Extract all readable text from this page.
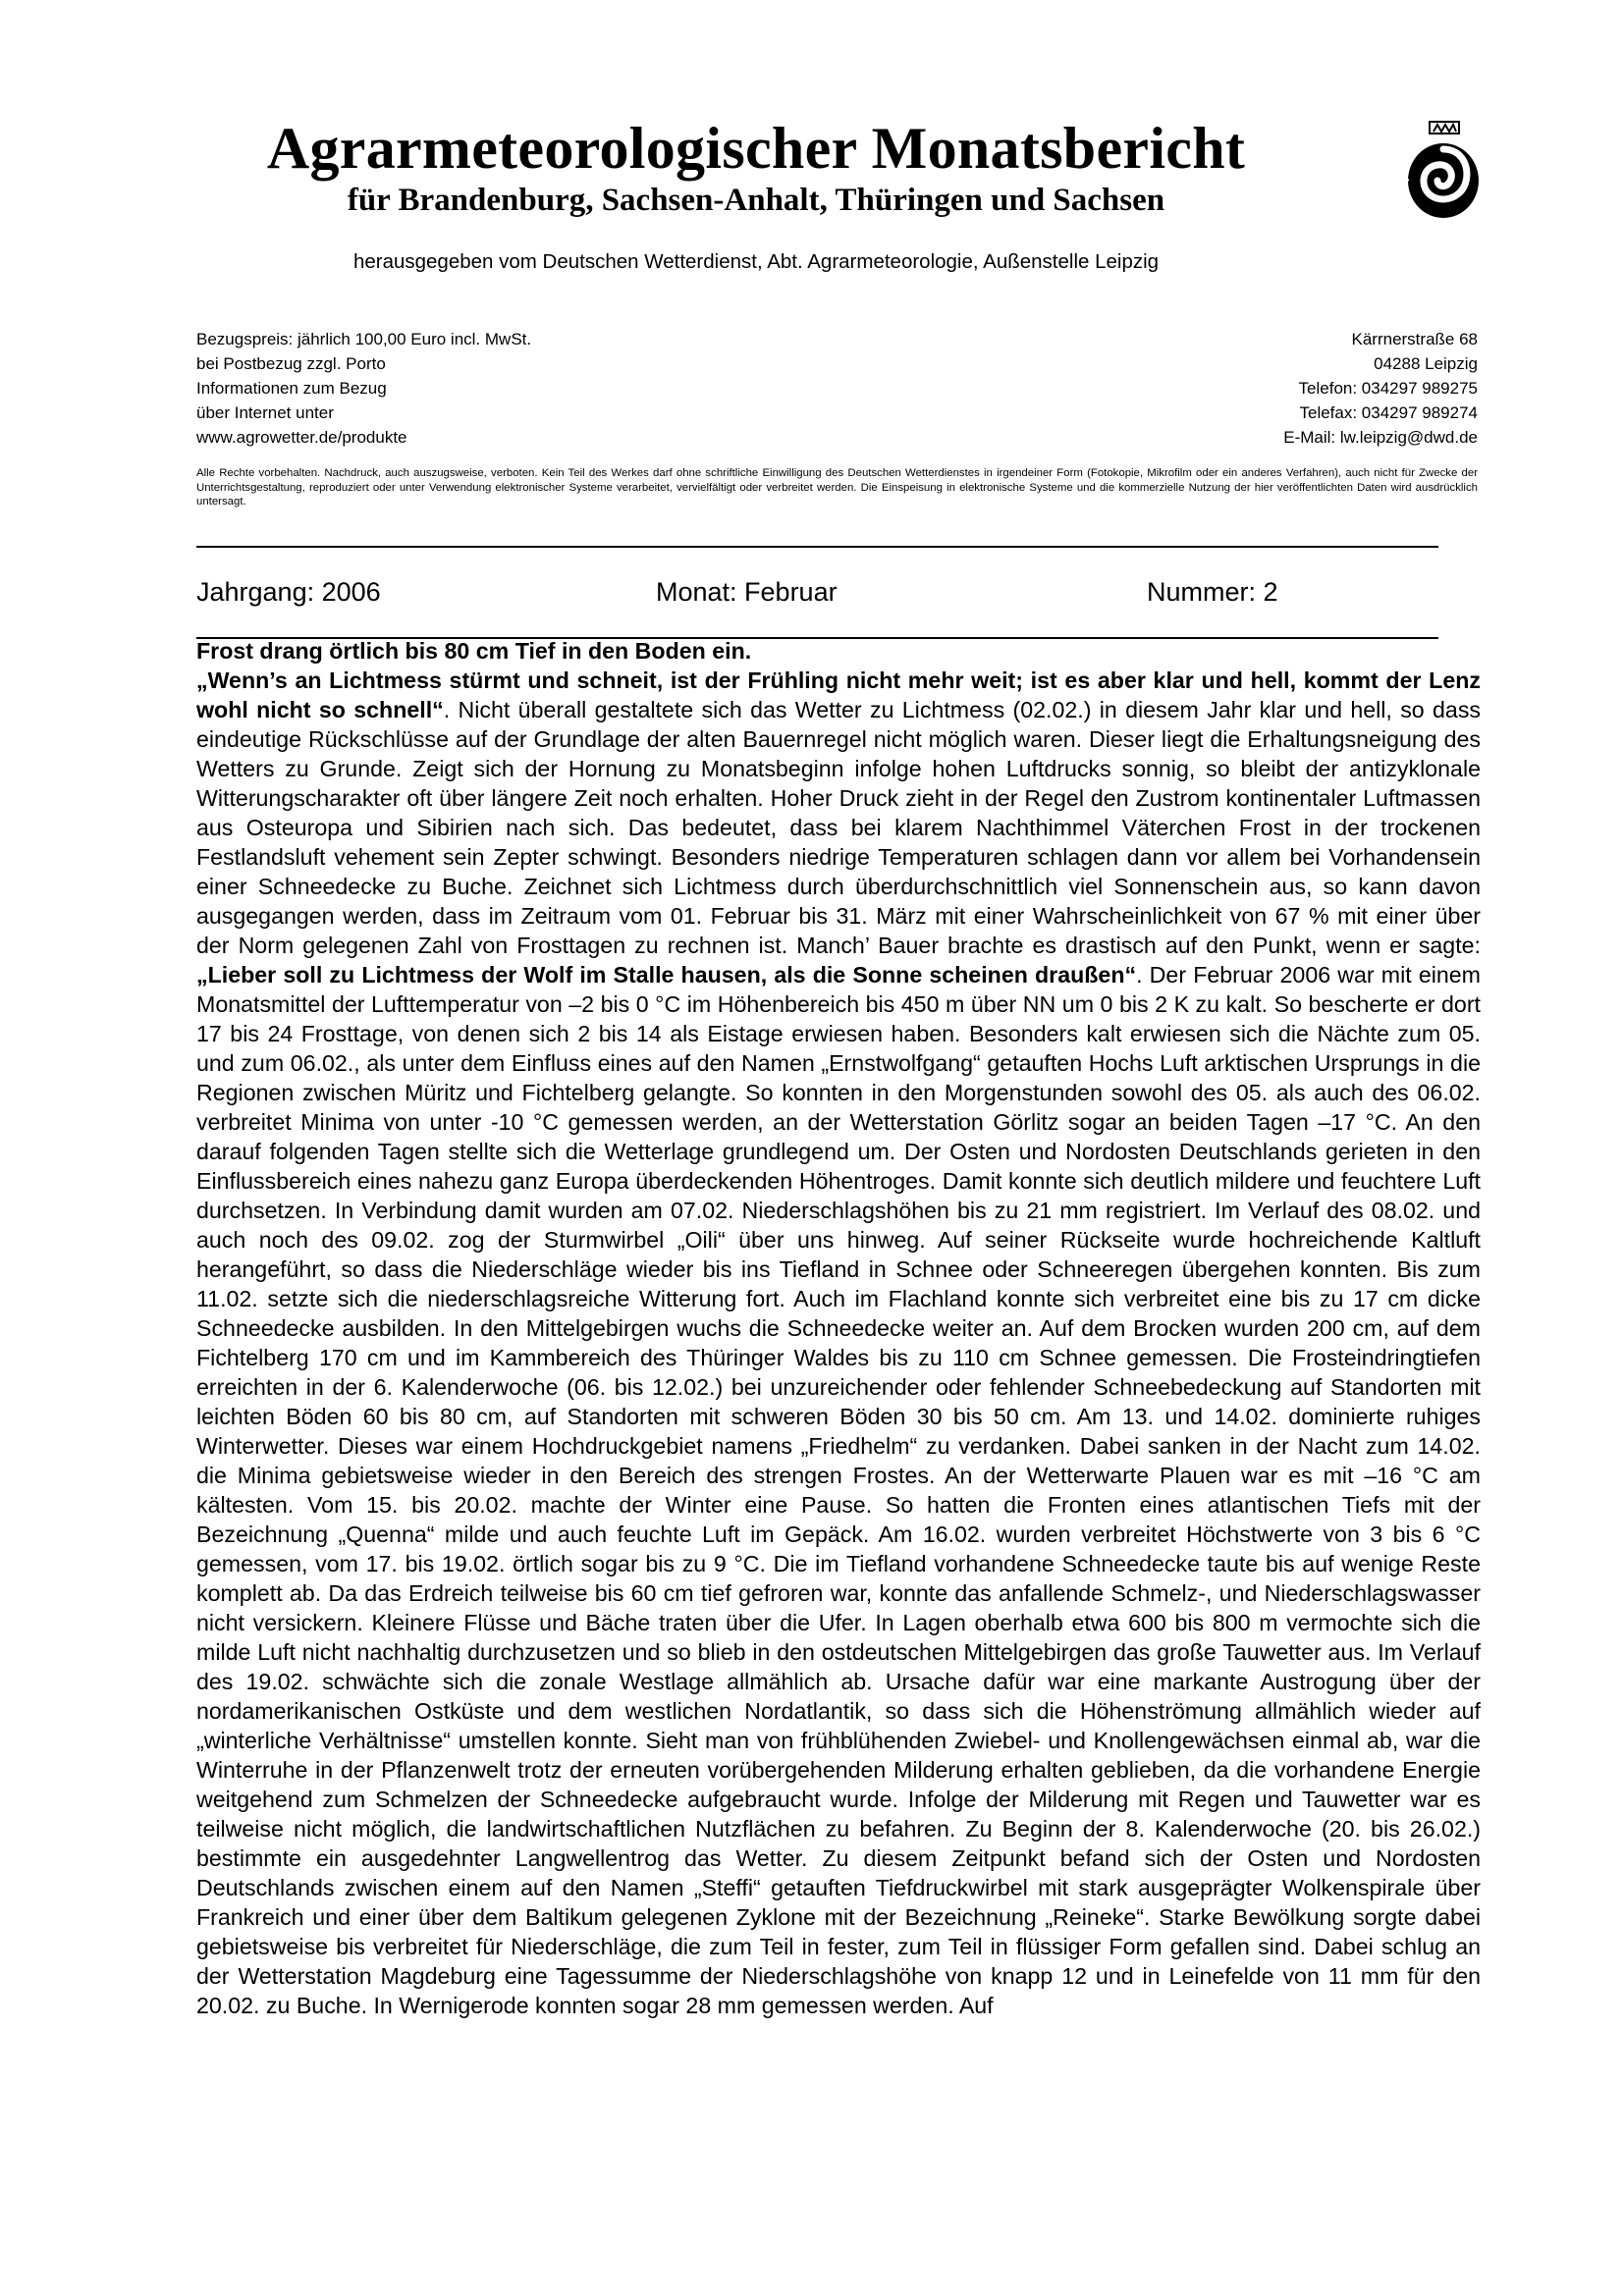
Agrarmeteorologischer Monatsbericht
für Brandenburg, Sachsen-Anhalt, Thüringen und Sachsen
herausgegeben vom Deutschen Wetterdienst, Abt. Agrarmeteorologie, Außenstelle Leipzig
Bezugspreis: jährlich 100,00 Euro incl. MwSt.
bei Postbezug zzgl. Porto
Informationen zum Bezug
über Internet unter
www.agrowetter.de/produkte
Kärrnerstraße 68
04288 Leipzig
Telefon: 034297 989275
Telefax: 034297 989274
E-Mail: lw.leipzig@dwd.de
Alle Rechte vorbehalten. Nachdruck, auch auszugsweise, verboten. Kein Teil des Werkes darf ohne schriftliche Einwilligung des Deutschen Wetterdienstes in irgendeiner Form (Fotokopie, Mikrofilm oder ein anderes Verfahren), auch nicht für Zwecke der Unterrichtsgestaltung, reproduziert oder unter Verwendung elektronischer Systeme verarbeitet, vervielfältigt oder verbreitet werden. Die Einspeisung in elektronische Systeme und die kommerzielle Nutzung der hier veröffentlichten Daten wird ausdrücklich untersagt.
Jahrgang: 2006	Monat: Februar	Nummer: 2
Frost drang örtlich bis 80 cm Tief in den Boden ein.
„Wenn’s an Lichtmess stürmt und schneit, ist der Frühling nicht mehr weit; ist es aber klar und hell, kommt der Lenz wohl nicht so schnell“. Nicht überall gestaltete sich das Wetter zu Lichtmess (02.02.) in diesem Jahr klar und hell, so dass eindeutige Rückschlüsse auf der Grundlage der alten Bauernregel nicht möglich waren. Dieser liegt die Erhaltungsneigung des Wetters zu Grunde. Zeigt sich der Hornung zu Monatsbeginn infolge hohen Luftdrucks sonnig, so bleibt der antizyklonale Witterungscharakter oft über längere Zeit noch erhalten. Hoher Druck zieht in der Regel den Zustrom kontinentaler Luftmassen aus Osteuropa und Sibirien nach sich. Das bedeutet, dass bei klarem Nachthimmel Väterchen Frost in der trockenen Festlandsluft vehement sein Zepter schwingt. Besonders niedrige Temperaturen schlagen dann vor allem bei Vorhandensein einer Schneedecke zu Buche. Zeichnet sich Lichtmess durch überdurchschnittlich viel Sonnenschein aus, so kann davon ausgegangen werden, dass im Zeitraum vom 01. Februar bis 31. März mit einer Wahrscheinlichkeit von 67 % mit einer über der Norm gelegenen Zahl von Frosttagen zu rechnen ist. Manch’ Bauer brachte es drastisch auf den Punkt, wenn er sagte: „Lieber soll zu Lichtmess der Wolf im Stalle hausen, als die Sonne scheinen draußen“. Der Februar 2006 war mit einem Monatsmittel der Lufttemperatur von –2 bis 0 °C im Höhenbereich bis 450 m über NN um 0 bis 2 K zu kalt. So bescherte er dort 17 bis 24 Frosttage, von denen sich 2 bis 14 als Eistage erwiesen haben. Besonders kalt erwiesen sich die Nächte zum 05. und zum 06.02., als unter dem Einfluss eines auf den Namen „Ernstwolfgang“ getauften Hochs Luft arktischen Ursprungs in die Regionen zwischen Müritz und Fichtelberg gelangte. So konnten in den Morgenstunden sowohl des 05. als auch des 06.02. verbreitet Minima von unter -10 °C gemessen werden, an der Wetterstation Görlitz sogar an beiden Tagen –17 °C. An den darauf folgenden Tagen stellte sich die Wetterlage grundlegend um. Der Osten und Nordosten Deutschlands gerieten in den Einflussbereich eines nahezu ganz Europa überdeckenden Höhentroges. Damit konnte sich deutlich mildere und feuchtere Luft durchsetzen. In Verbindung damit wurden am 07.02. Niederschlagshöhen bis zu 21 mm registriert. Im Verlauf des 08.02. und auch noch des 09.02. zog der Sturmwirbel „Oili“ über uns hinweg. Auf seiner Rückseite wurde hochreichende Kaltluft herangeführt, so dass die Niederschläge wieder bis ins Tiefland in Schnee oder Schneeregen übergehen konnten. Bis zum 11.02. setzte sich die niederschlagsreiche Witterung fort. Auch im Flachland konnte sich verbreitet eine bis zu 17 cm dicke Schneedecke ausbilden. In den Mittelgebirgen wuchs die Schneedecke weiter an. Auf dem Brocken wurden 200 cm, auf dem Fichtelberg 170 cm und im Kammbereich des Thüringer Waldes bis zu 110 cm Schnee gemessen. Die Frosteindringtiefen erreichten in der 6. Kalenderwoche (06. bis 12.02.) bei unzureichender oder fehlender Schneebedeckung auf Standorten mit leichten Böden 60 bis 80 cm, auf Standorten mit schweren Böden 30 bis 50 cm. Am 13. und 14.02. dominierte ruhiges Winterwetter. Dieses war einem Hochdruckgebiet namens „Friedhelm“ zu verdanken. Dabei sanken in der Nacht zum 14.02. die Minima gebietsweise wieder in den Bereich des strengen Frostes. An der Wetterwarte Plauen war es mit –16 °C am kältesten. Vom 15. bis 20.02. machte der Winter eine Pause. So hatten die Fronten eines atlantischen Tiefs mit der Bezeichnung „Quenna“ milde und auch feuchte Luft im Gepäck. Am 16.02. wurden verbreitet Höchstwerte von 3 bis 6 °C gemessen, vom 17. bis 19.02. örtlich sogar bis zu 9 °C. Die im Tiefland vorhandene Schneedecke taute bis auf wenige Reste komplett ab. Da das Erdreich teilweise bis 60 cm tief gefroren war, konnte das anfallende Schmelz-, und Niederschlagswasser nicht versickern. Kleinere Flüsse und Bäche traten über die Ufer. In Lagen oberhalb etwa 600 bis 800 m vermochte sich die milde Luft nicht nachhaltig durchzusetzen und so blieb in den ostdeutschen Mittelgebirgen das große Tauwetter aus. Im Verlauf des 19.02. schwächte sich die zonale Westlage allmählich ab. Ursache dafür war eine markante Austrogung über der nordamerikanischen Ostküste und dem westlichen Nordatlantik, so dass sich die Höhenströmung allmählich wieder auf „winterliche Verhältnisse“ umstellen konnte. Sieht man von frühblühenden Zwiebel- und Knollengewächsen einmal ab, war die Winterruhe in der Pflanzenwelt trotz der erneuten vorübergehenden Milderung erhalten geblieben, da die vorhandene Energie weitgehend zum Schmelzen der Schneedecke aufgebraucht wurde. Infolge der Milderung mit Regen und Tauwetter war es teilweise nicht möglich, die landwirtschaftlichen Nutzflächen zu befahren. Zu Beginn der 8. Kalenderwoche (20. bis 26.02.) bestimmte ein ausgedehnter Langwellentrog das Wetter. Zu diesem Zeitpunkt befand sich der Osten und Nordosten Deutschlands zwischen einem auf den Namen „Steffi“ getauften Tiefdruckwirbel mit stark ausgeprägter Wolkenspirale über Frankreich und einer über dem Baltikum gelegenen Zyklone mit der Bezeichnung „Reineke“. Starke Bewölkung sorgte dabei gebietsweise bis verbreitet für Niederschläge, die zum Teil in fester, zum Teil in flüssiger Form gefallen sind. Dabei schlug an der Wetterstation Magdeburg eine Tagessumme der Niederschlagshöhe von knapp 12 und in Leinefelde von 11 mm für den 20.02. zu Buche. In Wernigerode konnten sogar 28 mm gemessen werden. Auf
